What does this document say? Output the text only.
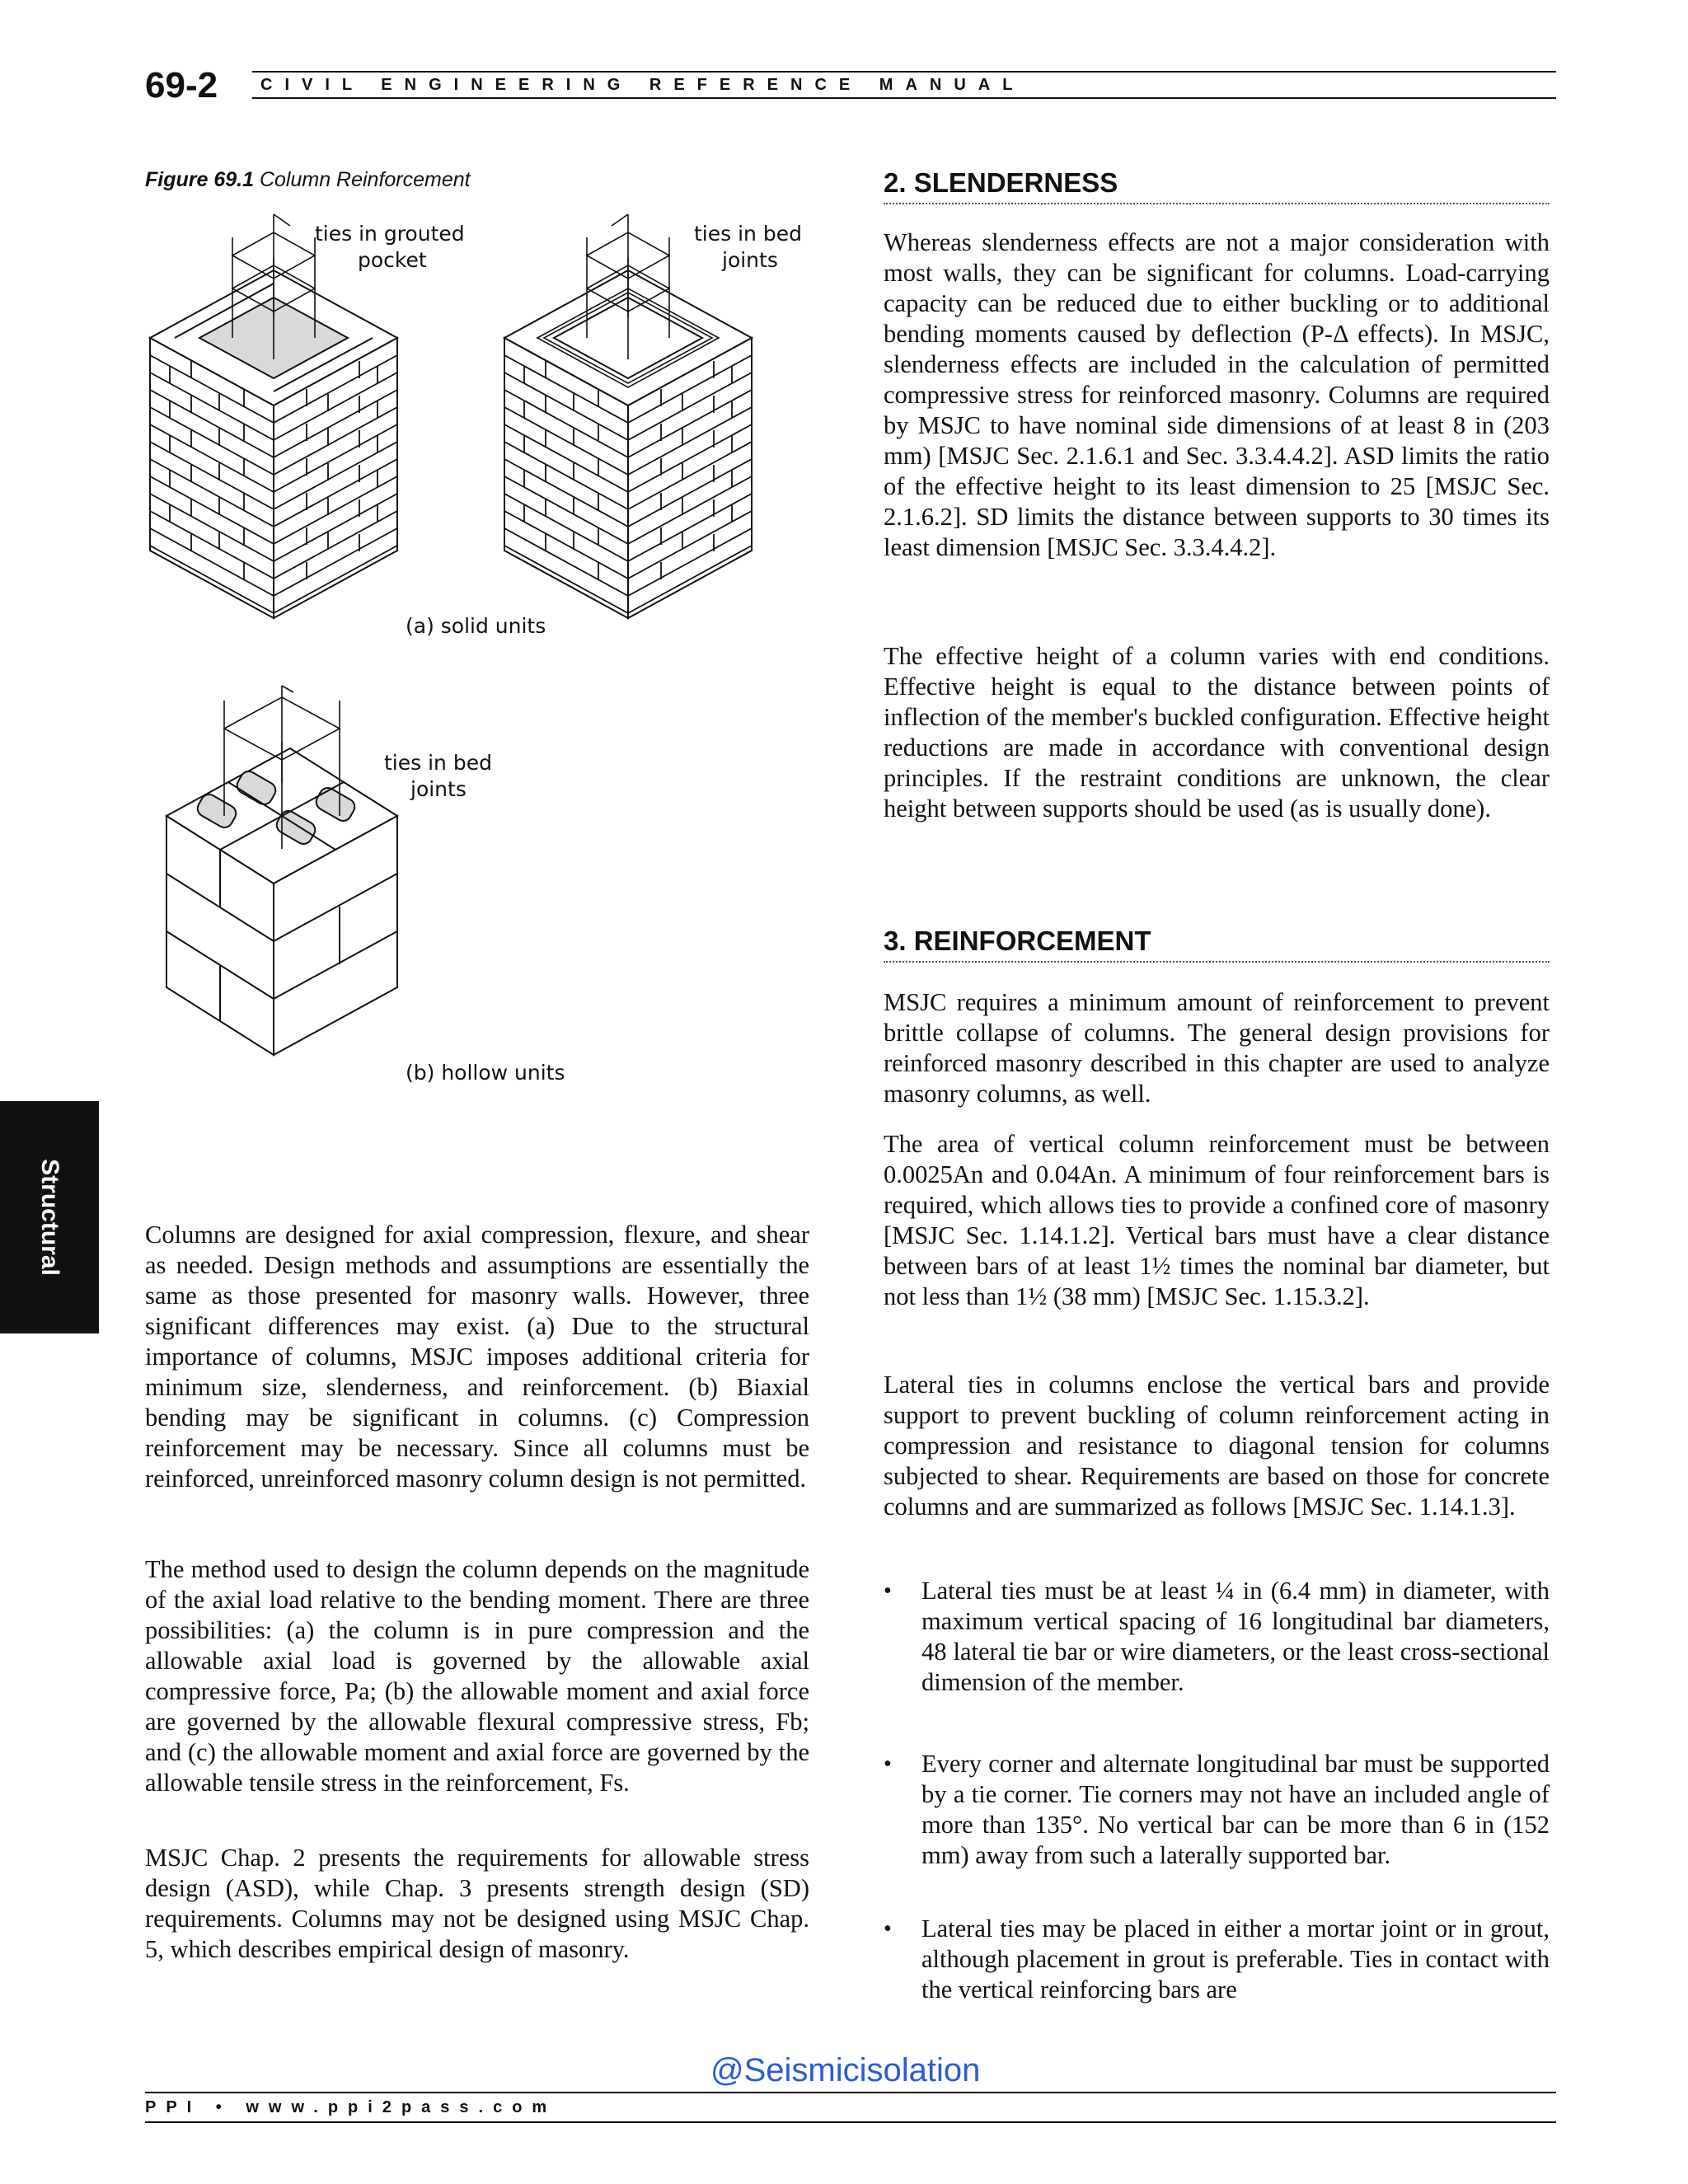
69-2	CIVIL ENGINEERING REFERENCE MANUAL
Structural
Figure 69.1 Column Reinforcement
ties in grouted
pocket
ties in bed
joints
(a) solid units
ties in bed
joints
(b) hollow units

Columns are designed for axial compression, flexure, and shear as needed. Design methods and assumptions are essentially the same as those presented for masonry walls. However, three significant differences may exist. (a) Due to the structural importance of columns, MSJC imposes additional criteria for minimum size, slenderness, and reinforcement. (b) Biaxial bending may be significant in columns. (c) Compression reinforcement may be necessary. Since all columns must be reinforced, unreinforced masonry column design is not permitted.

The method used to design the column depends on the magnitude of the axial load relative to the bending moment. There are three possibilities: (a) the column is in pure compression and the allowable axial load is governed by the allowable axial compressive force, Pa; (b) the allowable moment and axial force are governed by the allowable flexural compressive stress, Fb; and (c) the allowable moment and axial force are governed by the allowable tensile stress in the reinforcement, Fs.

MSJC Chap. 2 presents the requirements for allowable stress design (ASD), while Chap. 3 presents strength design (SD) requirements. Columns may not be designed using MSJC Chap. 5, which describes empirical design of masonry.

2. SLENDERNESS

Whereas slenderness effects are not a major consideration with most walls, they can be significant for columns. Load-carrying capacity can be reduced due to either buckling or to additional bending moments caused by deflection (P-Δ effects). In MSJC, slenderness effects are included in the calculation of permitted compressive stress for reinforced masonry. Columns are required by MSJC to have nominal side dimensions of at least 8 in (203 mm) [MSJC Sec. 2.1.6.1 and Sec. 3.3.4.4.2]. ASD limits the ratio of the effective height to its least dimension to 25 [MSJC Sec. 2.1.6.2]. SD limits the distance between supports to 30 times its least dimension [MSJC Sec. 3.3.4.4.2].

The effective height of a column varies with end conditions. Effective height is equal to the distance between points of inflection of the member's buckled configuration. Effective height reductions are made in accordance with conventional design principles. If the restraint conditions are unknown, the clear height between supports should be used (as is usually done).

3. REINFORCEMENT

MSJC requires a minimum amount of reinforcement to prevent brittle collapse of columns. The general design provisions for reinforced masonry described in this chapter are used to analyze masonry columns, as well.

The area of vertical column reinforcement must be between 0.0025An and 0.04An. A minimum of four reinforcement bars is required, which allows ties to provide a confined core of masonry [MSJC Sec. 1.14.1.2]. Vertical bars must have a clear distance between bars of at least 1½ times the nominal bar diameter, but not less than 1½ (38 mm) [MSJC Sec. 1.15.3.2].

Lateral ties in columns enclose the vertical bars and provide support to prevent buckling of column reinforcement acting in compression and resistance to diagonal tension for columns subjected to shear. Requirements are based on those for concrete columns and are summarized as follows [MSJC Sec. 1.14.1.3].

• Lateral ties must be at least ¼ in (6.4 mm) in diameter, with maximum vertical spacing of 16 longitudinal bar diameters, 48 lateral tie bar or wire diameters, or the least cross-sectional dimension of the member.

• Every corner and alternate longitudinal bar must be supported by a tie corner. Tie corners may not have an included angle of more than 135°. No vertical bar can be more than 6 in (152 mm) away from such a laterally supported bar.

• Lateral ties may be placed in either a mortar joint or in grout, although placement in grout is preferable. Ties in contact with the vertical reinforcing bars are

@Seismicisolation
PPI • www.ppi2pass.com
